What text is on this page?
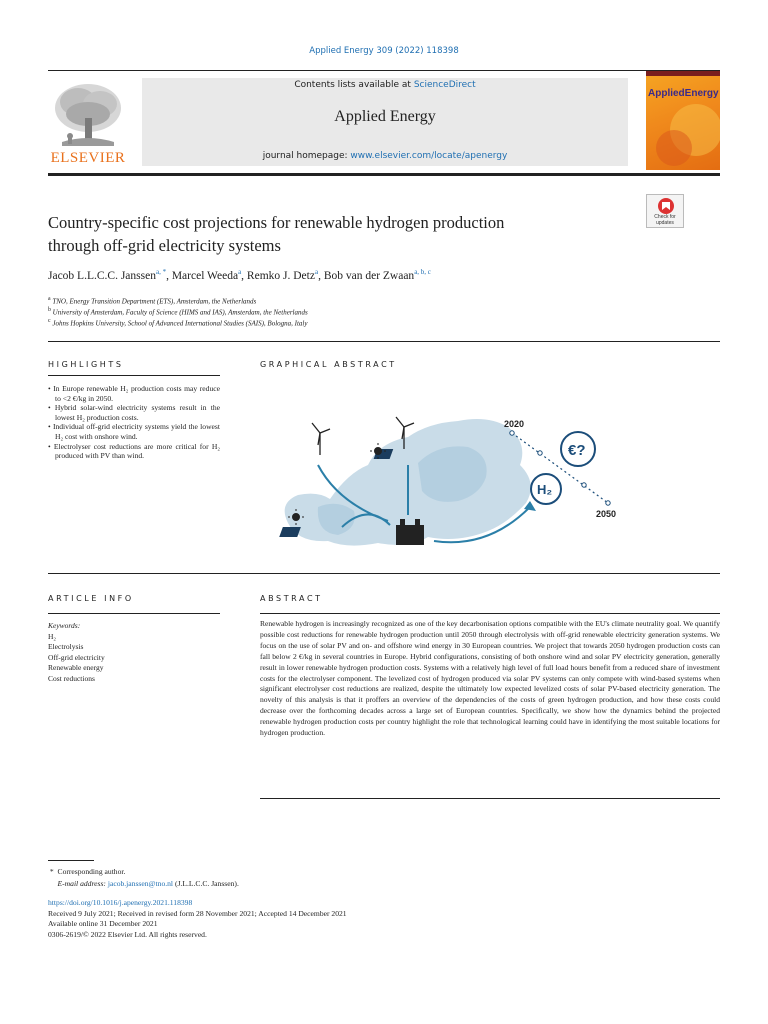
Applied Energy 309 (2022) 118398
ELSEVIER
Contents lists available at ScienceDirect
Applied Energy
journal homepage: www.elsevier.com/locate/apenergy
AppliedEnergy
Country-specific cost projections for renewable hydrogen production
through off-grid electricity systems
Check for updates
Jacob L.L.C.C. Janssen$^{a, *}$, Marcel Weeda$^a$, Remko J. Detz$^a$, Bob van der Zwaan$^{a, b, c}$
$^a$ TNO, Energy Transition Department (ETS), Amsterdam, the Netherlands
$^b$ University of Amsterdam, Faculty of Science (HIMS and IAS), Amsterdam, the Netherlands
$^c$ Johns Hopkins University, School of Advanced International Studies (SAIS), Bologna, Italy
HIGHLIGHTS
• In Europe renewable H₂ production costs may reduce to <2 €/kg in 2050.
• Hybrid solar-wind electricity systems result in the lowest H₂ production costs.
• Individual off-grid electricity systems yield the lowest H₂ cost with onshore wind.
• Electrolyser cost reductions are more critical for H₂ produced with PV than wind.
GRAPHICAL ABSTRACT
2020
2050
€?
H₂
ARTICLE INFO
Keywords:
H₂
Electrolysis
Off-grid electricity
Renewable energy
Cost reductions
ABSTRACT
Renewable hydrogen is increasingly recognized as one of the key decarbonisation options compatible with the EU's climate neutrality goal. We quantify possible cost reductions for renewable hydrogen production until 2050 through electrolysis with off-grid renewable electricity generation systems. We focus on the use of solar PV and on- and offshore wind energy in 30 European countries. We project that towards 2050 hydrogen production costs can fall below 2 €/kg in several countries in Europe. Hybrid configurations, consisting of both onshore wind and solar PV electricity generation, generally result in lower renewable hydrogen production costs. Systems with a relatively high level of full load hours benefit from a reduced share of investment costs for the electrolyser component. The levelized cost of hydrogen produced via solar PV systems can only compete with wind-based systems when significant electrolyser cost reductions are realized, despite the ultimately low expected levelized costs of solar PV-based electricity generation. The novelty of this analysis is that it proffers an overview of the dependencies of the costs of green hydrogen production, and how these costs could decrease over the forthcoming decades across a large set of European countries. Specifically, we show how the dynamics behind the projected renewable hydrogen production costs per country highlight the role that technological learning could have in identifying the most suitable locations for hydrogen production.
* Corresponding author.
E-mail address: jacob.janssen@tno.nl (J.L.L.C.C. Janssen).
https://doi.org/10.1016/j.apenergy.2021.118398
Received 9 July 2021; Received in revised form 28 November 2021; Accepted 14 December 2021
Available online 31 December 2021
0306-2619/© 2022 Elsevier Ltd. All rights reserved.
